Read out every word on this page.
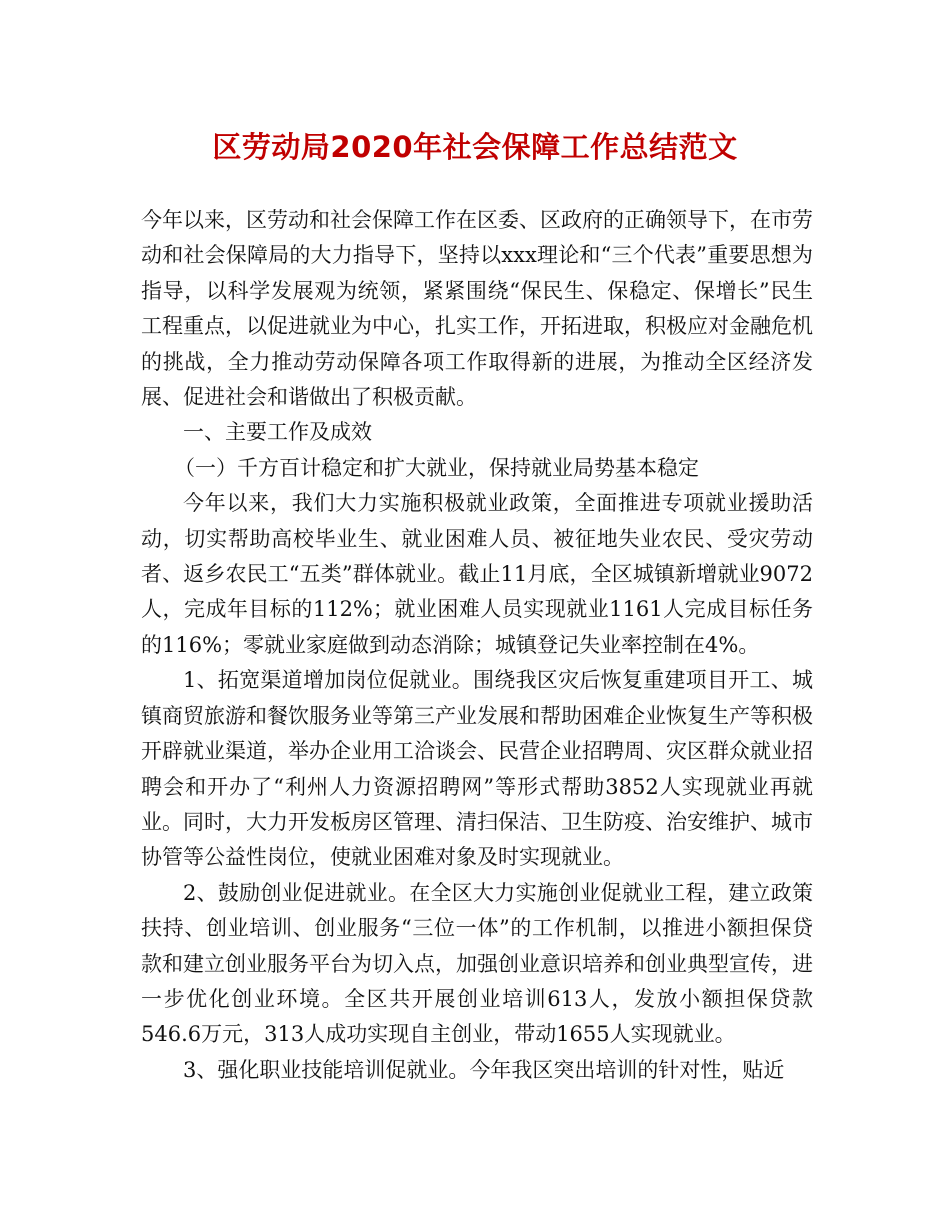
区劳动局2020年社会保障工作总结范文

今年以来，区劳动和社会保障工作在区委、区政府的正确领导下，在市劳动和社会保障局的大力指导下，坚持以xxx理论和“三个代表”重要思想为指导，以科学发展观为统领，紧紧围绕“保民生、保稳定、保增长”民生工程重点，以促进就业为中心，扎实工作，开拓进取，积极应对金融危机的挑战，全力推动劳动保障各项工作取得新的进展，为推动全区经济发展、促进社会和谐做出了积极贡献。

一、主要工作及成效

（一）千方百计稳定和扩大就业，保持就业局势基本稳定

今年以来，我们大力实施积极就业政策，全面推进专项就业援助活动，切实帮助高校毕业生、就业困难人员、被征地失业农民、受灾劳动者、返乡农民工“五类”群体就业。截止11月底，全区城镇新增就业9072人，完成年目标的112%；就业困难人员实现就业1161人完成目标任务的116%；零就业家庭做到动态消除；城镇登记失业率控制在4%。

1、拓宽渠道增加岗位促就业。围绕我区灾后恢复重建项目开工、城镇商贸旅游和餐饮服务业等第三产业发展和帮助困难企业恢复生产等积极开辟就业渠道，举办企业用工洽谈会、民营企业招聘周、灾区群众就业招聘会和开办了“利州人力资源招聘网”等形式帮助3852人实现就业再就业。同时，大力开发板房区管理、清扫保洁、卫生防疫、治安维护、城市协管等公益性岗位，使就业困难对象及时实现就业。

2、鼓励创业促进就业。在全区大力实施创业促就业工程，建立政策扶持、创业培训、创业服务“三位一体”的工作机制，以推进小额担保贷款和建立创业服务平台为切入点，加强创业意识培养和创业典型宣传，进一步优化创业环境。全区共开展创业培训613人，发放小额担保贷款546.6万元，313人成功实现自主创业，带动1655人实现就业。

3、强化职业技能培训促就业。今年我区突出培训的针对性，贴近
